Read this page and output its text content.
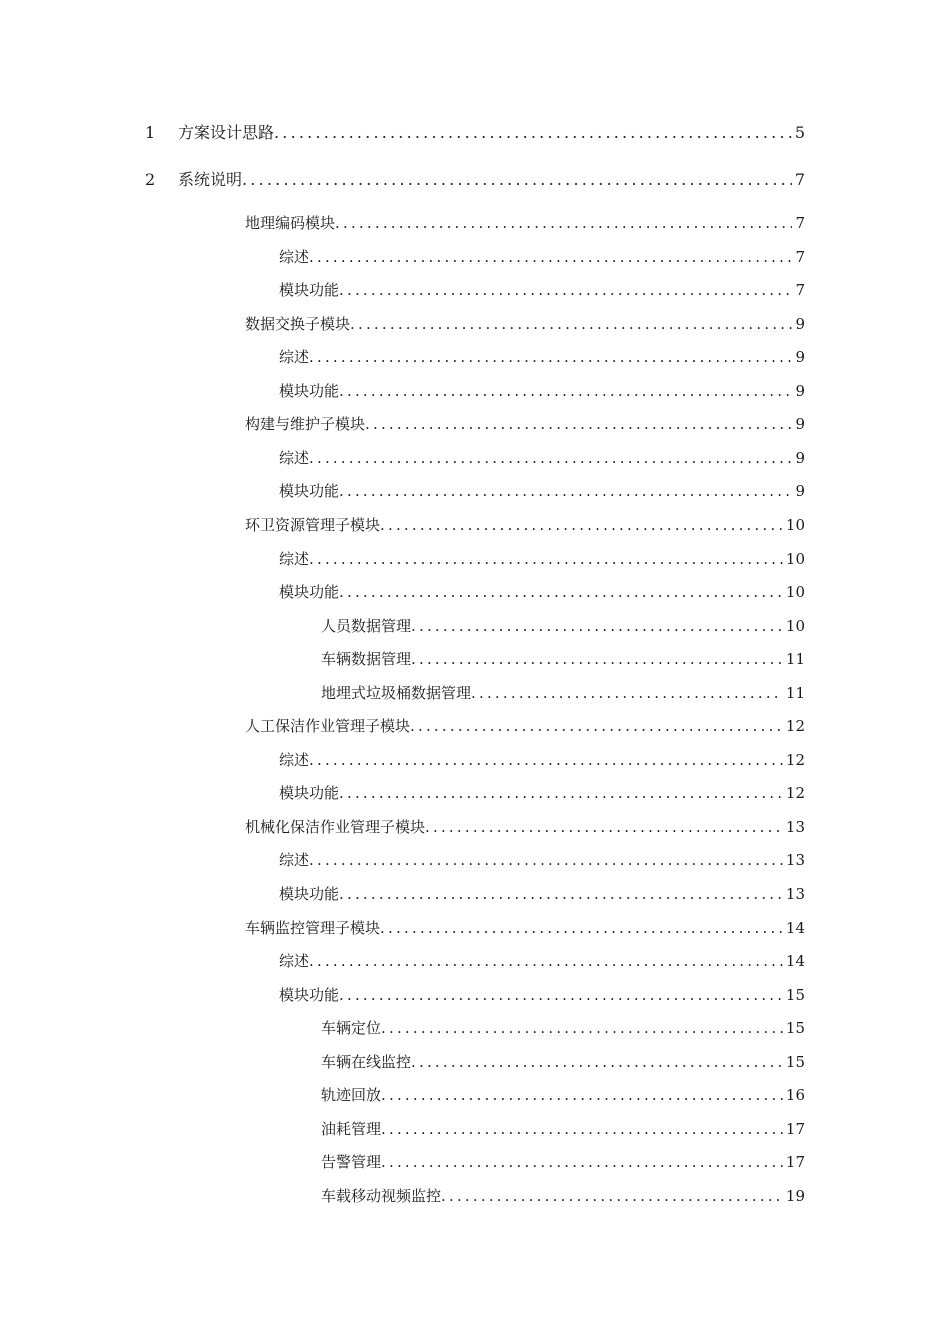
1	方案设计思路 .....	5
2	系统说明 .....	7
地理编码模块 .....	7
综述 .....	7
模块功能 .....	7
数据交换子模块 .....	9
综述 .....	9
模块功能 .....	9
构建与维护子模块 .....	9
综述 .....	9
模块功能 .....	9
环卫资源管理子模块 .....	10
综述 .....	10
模块功能 .....	10
人员数据管理 .....	10
车辆数据管理 .....	11
地埋式垃圾桶数据管理 .....	11
人工保洁作业管理子模块 .....	12
综述 .....	12
模块功能 .....	12
机械化保洁作业管理子模块 .....	13
综述 .....	13
模块功能 .....	13
车辆监控管理子模块 .....	14
综述 .....	14
模块功能 .....	15
车辆定位 .....	15
车辆在线监控 .....	15
轨迹回放 .....	16
油耗管理 .....	17
告警管理 .....	17
车载移动视频监控 .....	19
